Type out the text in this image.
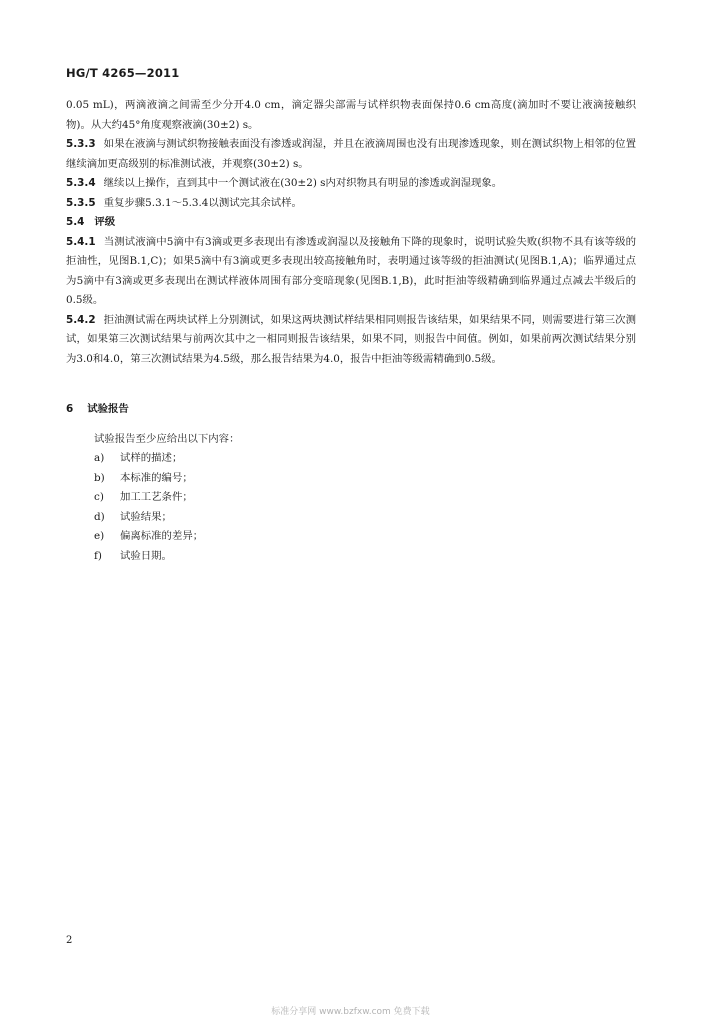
HG/T 4265—2011

0.05 mL)，两滴液滴之间需至少分开4.0 cm，滴定器尖部需与试样织物表面保持0.6 cm高度(滴加时不要让液滴接触织物)。从大约45°角度观察液滴(30±2) s。

5.3.3 如果在液滴与测试织物接触表面没有渗透或润湿，并且在液滴周围也没有出现渗透现象，则在测试织物上相邻的位置继续滴加更高级别的标准测试液，并观察(30±2) s。

5.3.4 继续以上操作，直到其中一个测试液在(30±2) s内对织物具有明显的渗透或润湿现象。

5.3.5 重复步骤5.3.1～5.3.4以测试完其余试样。

5.4 评级

5.4.1 当测试液滴中5滴中有3滴或更多表现出有渗透或润湿以及接触角下降的现象时，说明试验失败(织物不具有该等级的拒油性，见图B.1,C)；如果5滴中有3滴或更多表现出较高接触角时，表明通过该等级的拒油测试(见图B.1,A)；临界通过点为5滴中有3滴或更多表现出在测试样液体周围有部分变暗现象(见图B.1,B)，此时拒油等级精确到临界通过点减去半级后的0.5级。

5.4.2 拒油测试需在两块试样上分别测试，如果这两块测试样结果相同则报告该结果，如果结果不同，则需要进行第三次测试，如果第三次测试结果与前两次其中之一相同则报告该结果，如果不同，则报告中间值。例如，如果前两次测试结果分别为3.0和4.0，第三次测试结果为4.5级，那么报告结果为4.0，报告中拒油等级需精确到0.5级。

6 试验报告

试验报告至少应给出以下内容：

a)	试样的描述；
b)	本标准的编号；
c)	加工工艺条件；
d)	试验结果；
e)	偏离标准的差异；
f)	试验日期。
2
标准分享网 www.bzfxw.com 免费下载
